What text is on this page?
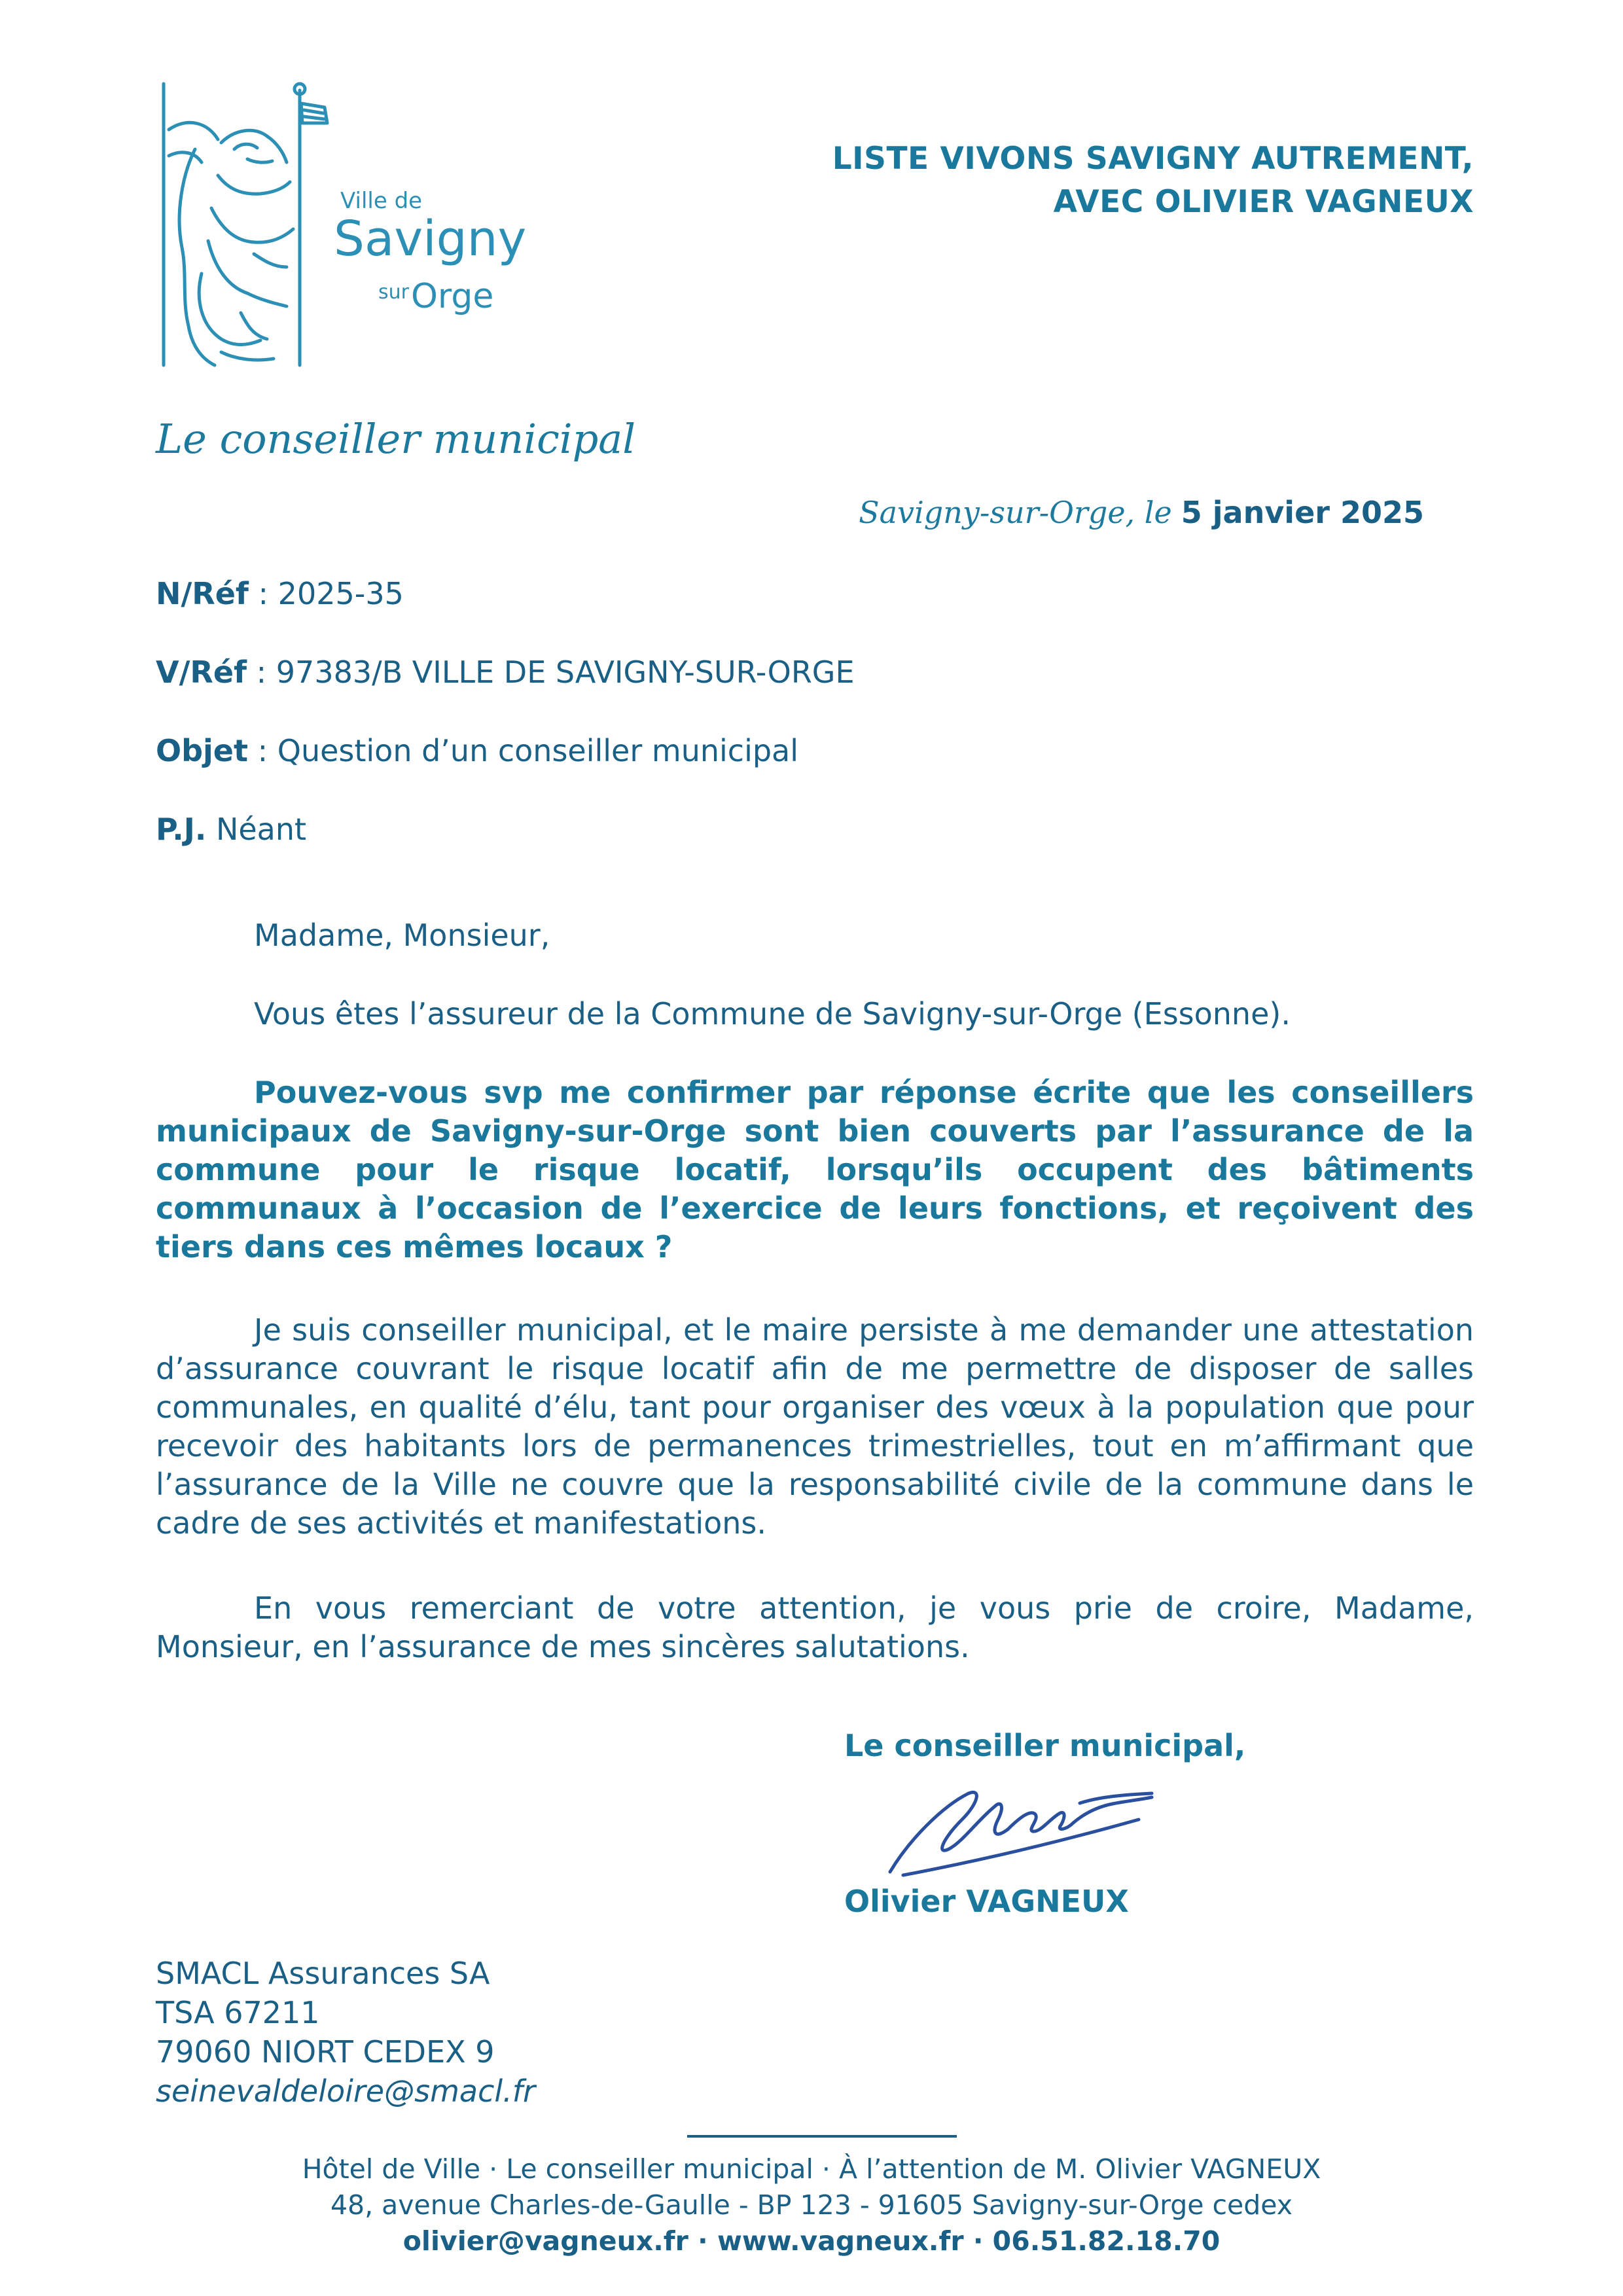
Ville de
Savigny
sur Orge
LISTE VIVONS SAVIGNY AUTREMENT,
AVEC OLIVIER VAGNEUX
Le conseiller municipal
Savigny-sur-Orge, le 5 janvier 2025
N/Réf : 2025-35
V/Réf : 97383/B VILLE DE SAVIGNY-SUR-ORGE
Objet : Question d’un conseiller municipal
P.J. Néant
Madame, Monsieur,
Vous êtes l’assureur de la Commune de Savigny-sur-Orge (Essonne).
Pouvez-vous svp me confirmer par réponse écrite que les conseillers municipaux de Savigny-sur-Orge sont bien couverts par l’assurance de la commune pour le risque locatif, lorsqu’ils occupent des bâtiments communaux à l’occasion de l’exercice de leurs fonctions, et reçoivent des tiers dans ces mêmes locaux ?
Je suis conseiller municipal, et le maire persiste à me demander une attestation d’assurance couvrant le risque locatif afin de me permettre de disposer de salles communales, en qualité d’élu, tant pour organiser des vœux à la population que pour recevoir des habitants lors de permanences trimestrielles, tout en m’affirmant que l’assurance de la Ville ne couvre que la responsabilité civile de la commune dans le cadre de ses activités et manifestations.
En vous remerciant de votre attention, je vous prie de croire, Madame, Monsieur, en l’assurance de mes sincères salutations.
Le conseiller municipal,
Olivier VAGNEUX
SMACL Assurances SA
TSA 67211
79060 NIORT CEDEX 9
seinevaldeloire@smacl.fr
Hôtel de Ville · Le conseiller municipal · À l’attention de M. Olivier VAGNEUX
48, avenue Charles-de-Gaulle - BP 123 - 91605 Savigny-sur-Orge cedex
olivier@vagneux.fr · www.vagneux.fr · 06.51.82.18.70
